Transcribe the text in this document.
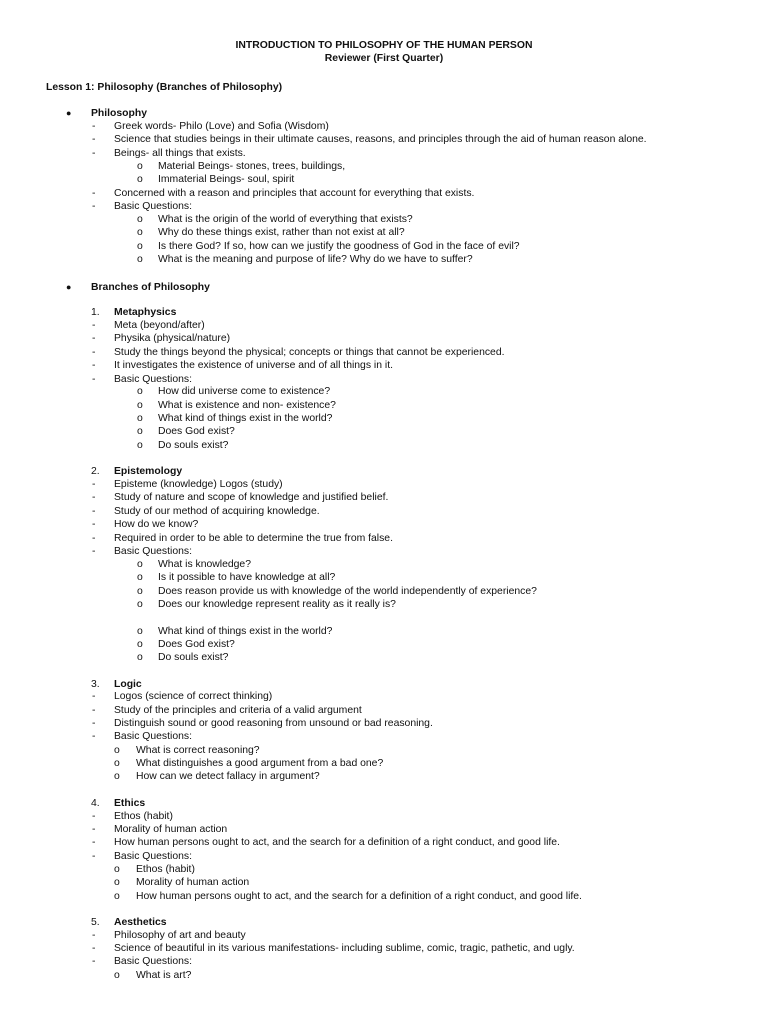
INTRODUCTION TO PHILOSOPHY OF THE HUMAN PERSON
Reviewer (First Quarter)
Lesson 1: Philosophy (Branches of Philosophy)
● Philosophy
- Greek words- Philo (Love) and Sofia (Wisdom)
- Science that studies beings in their ultimate causes, reasons, and principles through the aid of human reason alone.
- Beings- all things that exists.
o Material Beings- stones, trees, buildings,
o Immaterial Beings- soul, spirit
- Concerned with a reason and principles that account for everything that exists.
- Basic Questions:
o What is the origin of the world of everything that exists?
o Why do these things exist, rather than not exist at all?
o Is there God? If so, how can we justify the goodness of God in the face of evil?
o What is the meaning and purpose of life? Why do we have to suffer?
● Branches of Philosophy
1. Metaphysics
- Meta (beyond/after)
- Physika (physical/nature)
- Study the things beyond the physical; concepts or things that cannot be experienced.
- It investigates the existence of universe and of all things in it.
- Basic Questions:
o How did universe come to existence?
o What is existence and non- existence?
o What kind of things exist in the world?
o Does God exist?
o Do souls exist?
2. Epistemology
- Episteme (knowledge) Logos (study)
- Study of nature and scope of knowledge and justified belief.
- Study of our method of acquiring knowledge.
- How do we know?
- Required in order to be able to determine the true from false.
- Basic Questions:
o What is knowledge?
o Is it possible to have knowledge at all?
o Does reason provide us with knowledge of the world independently of experience?
o Does our knowledge represent reality as it really is?
o What kind of things exist in the world?
o Does God exist?
o Do souls exist?
3. Logic
- Logos (science of correct thinking)
- Study of the principles and criteria of a valid argument
- Distinguish sound or good reasoning from unsound or bad reasoning.
- Basic Questions:
o What is correct reasoning?
o What distinguishes a good argument from a bad one?
o How can we detect fallacy in argument?
4. Ethics
- Ethos (habit)
- Morality of human action
- How human persons ought to act, and the search for a definition of a right conduct, and good life.
- Basic Questions:
o Ethos (habit)
o Morality of human action
o How human persons ought to act, and the search for a definition of a right conduct, and good life.
5. Aesthetics
- Philosophy of art and beauty
- Science of beautiful in its various manifestations- including sublime, comic, tragic, pathetic, and ugly.
- Basic Questions:
o What is art?
